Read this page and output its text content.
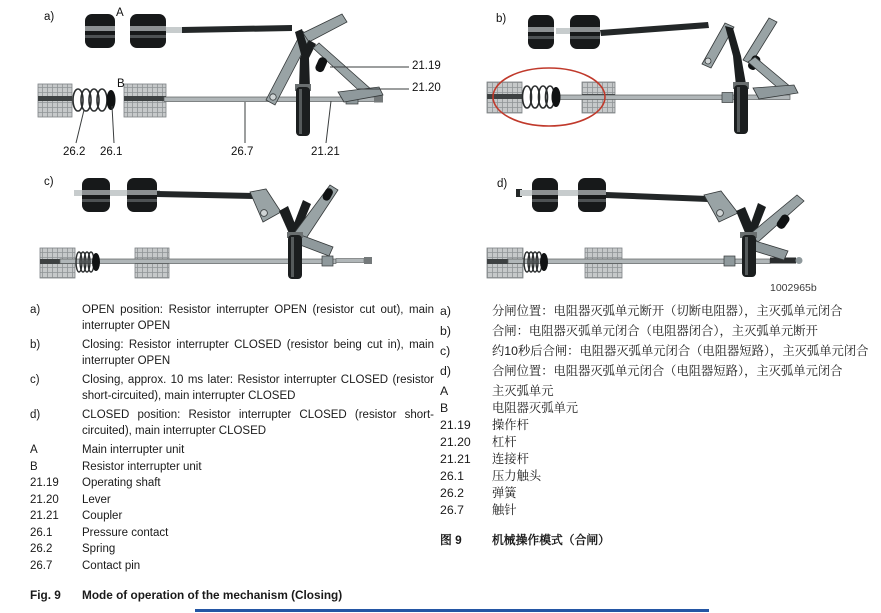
a)	A
B
21.19
21.20
26.2 26.1	26.7	21.21
b)
c)	d)
1002965b
a)	OPEN position: Resistor interrupter OPEN (resistor cut out), main interrupter OPEN
b)	Closing: Resistor interrupter CLOSED (resistor being cut in), main interrupter OPEN
c)	Closing, approx. 10 ms later: Resistor interrupter CLOSED (resistor short-circuited), main interrupter CLOSED
d)	CLOSED position: Resistor interrupter CLOSED (resistor short-circuited), main interrupter CLOSED
A	Main interrupter unit
B	Resistor interrupter unit
21.19	Operating shaft
21.20	Lever
21.21	Coupler
26.1	Pressure contact
26.2	Spring
26.7	Contact pin
Fig. 9	Mode of operation of the mechanism (Closing)
a)	分闸位置：电阻器灭弧单元断开（切断电阻器），主灭弧单元闭合
b)	合闸：电阻器灭弧单元闭合（电阻器闭合），主灭弧单元断开
c)	约10秒后合闸：电阻器灭弧单元闭合（电阻器短路），主灭弧单元闭合
d)	合闸位置：电阻器灭弧单元闭合（电阻器短路），主灭弧单元闭合
A	主灭弧单元
B	电阻器灭弧单元
21.19	操作杆
21.20	杠杆
21.21	连接杆
26.1	压力触头
26.2	弹簧
26.7	触针
图 9	机械操作模式（合闸）
